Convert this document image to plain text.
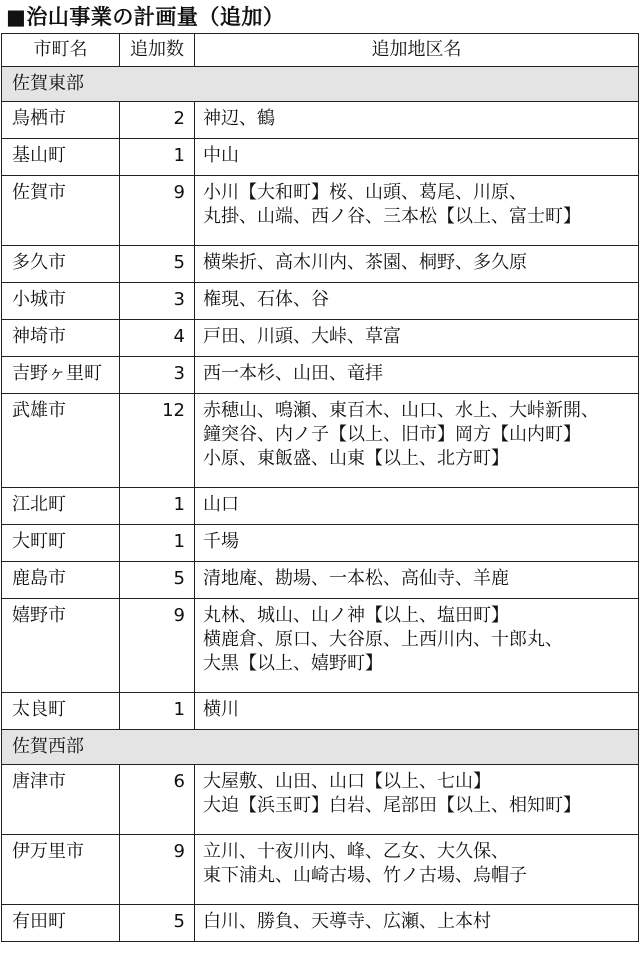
■治山事業の計画量（追加）
市町名	追加数	追加地区名
佐賀東部		
鳥栖市	2	神辺、鶴

基山町	1	中山

佐賀市	9	小川【大和町】桜、山頭、葛尾、川原、
丸掛、山端、西ノ谷、三本松【以上、富士町】

多久市	5	横柴折、高木川内、茶園、桐野、多久原

小城市	3	権現、石体、谷

神埼市	4	戸田、川頭、大峠、草富

吉野ヶ里町	3	西一本杉、山田、竜拝

武雄市	12	赤穂山、鳴瀬、東百木、山口、水上、大峠新開、
鐘突谷、内ノ子【以上、旧市】岡方【山内町】
小原、東飯盛、山東【以上、北方町】

江北町	1	山口

大町町	1	千場

鹿島市	5	清地庵、勘場、一本松、高仙寺、羊鹿

嬉野市	9	丸林、城山、山ノ神【以上、塩田町】
横鹿倉、原口、大谷原、上西川内、十郎丸、
大黒【以上、嬉野町】

太良町	1	横川

佐賀西部		
唐津市	6	大屋敷、山田、山口【以上、七山】
大迫【浜玉町】白岩、尾部田【以上、相知町】

伊万里市	9	立川、十夜川内、峰、乙女、大久保、
東下浦丸、山崎古場、竹ノ古場、烏帽子

有田町	5	白川、勝負、天導寺、広瀬、上本村
